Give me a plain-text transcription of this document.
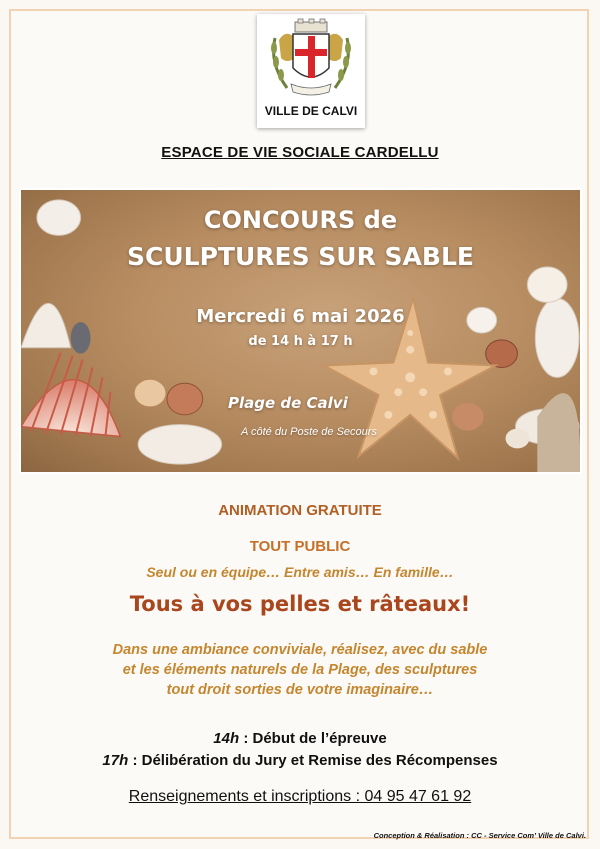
VILLE DE CALVI
ESPACE DE VIE SOCIALE CARDELLU
CONCOURS de
SCULPTURES SUR SABLE
Mercredi 6 mai 2026
de 14 h à 17 h
Plage de Calvi
A côté du Poste de Secours
ANIMATION GRATUITE
TOUT PUBLIC
Seul ou en équipe… Entre amis… En famille…
Tous à vos pelles et râteaux!
Dans une ambiance conviviale, réalisez, avec du sable
et les éléments naturels de la Plage, des sculptures
tout droit sorties de votre imaginaire…
14h : Début de l’épreuve
17h : Délibération du Jury et Remise des Récompenses
Renseignements et inscriptions : 04 95 47 61 92
Conception & Réalisation : CC - Service Com’ Ville de Calvi.
